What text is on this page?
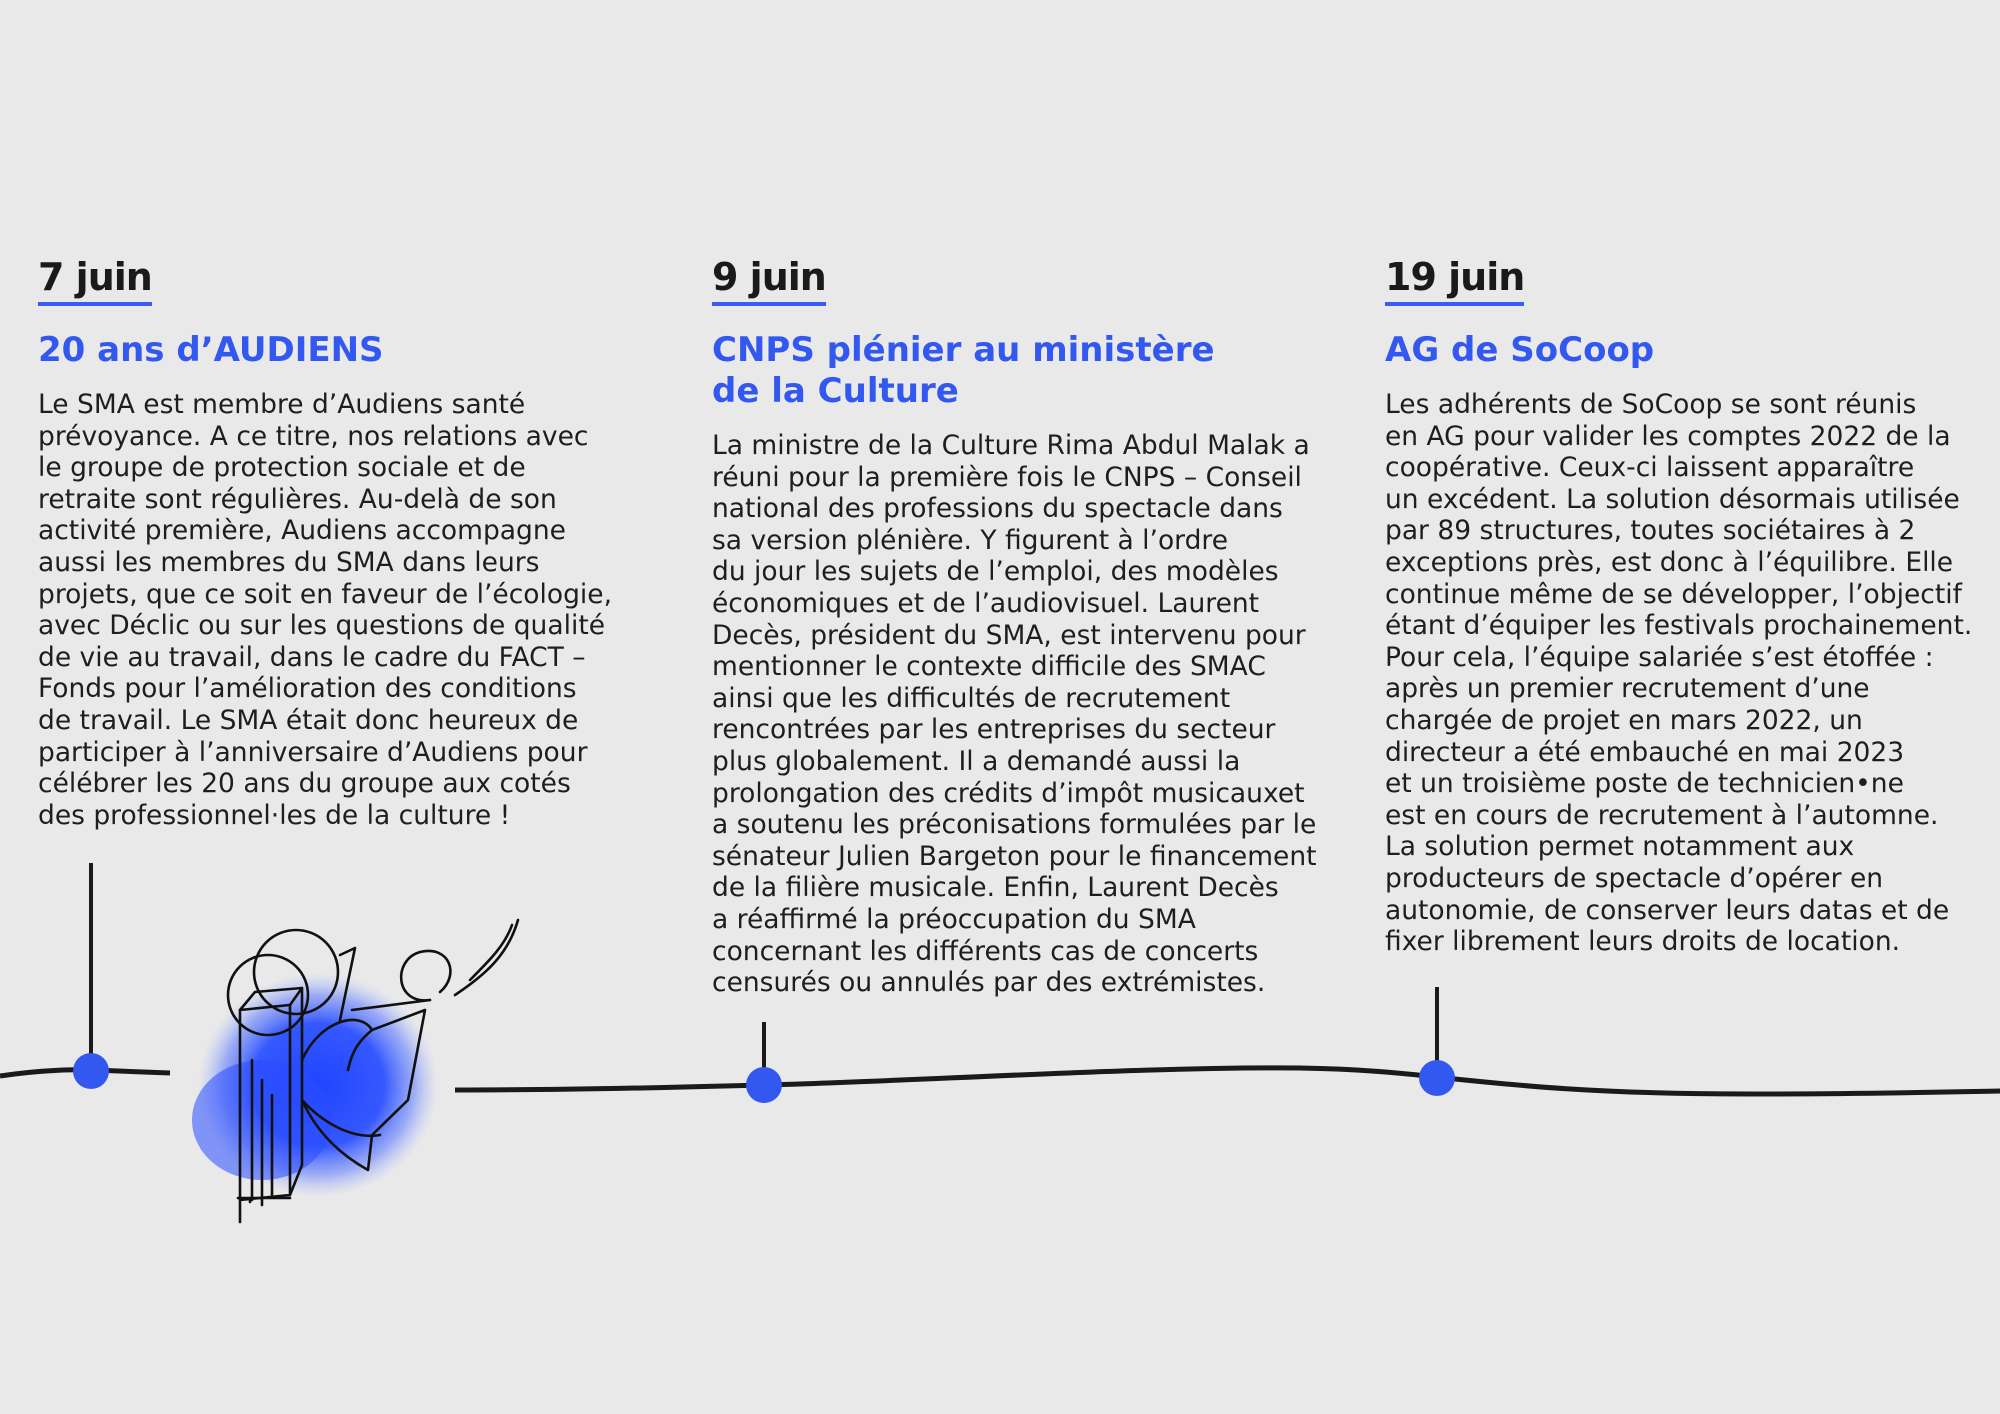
7 juin
20 ans d’AUDIENS
Le SMA est membre d’Audiens santé
prévoyance. A ce titre, nos relations avec
le groupe de protection sociale et de
retraite sont régulières. Au-delà de son
activité première, Audiens accompagne
aussi les membres du SMA dans leurs
projets, que ce soit en faveur de l’écologie,
avec Déclic ou sur les questions de qualité
de vie au travail, dans le cadre du FACT –
Fonds pour l’amélioration des conditions
de travail. Le SMA était donc heureux de
participer à l’anniversaire d’Audiens pour
célébrer les 20 ans du groupe aux cotés
des professionnel·les de la culture !
9 juin
CNPS plénier au ministère
de la Culture
La ministre de la Culture Rima Abdul Malak a
réuni pour la première fois le CNPS – Conseil
national des professions du spectacle dans
sa version plénière. Y figurent à l’ordre
du jour les sujets de l’emploi, des modèles
économiques et de l’audiovisuel. Laurent
Decès, président du SMA, est intervenu pour
mentionner le contexte difficile des SMAC
ainsi que les difficultés de recrutement
rencontrées par les entreprises du secteur
plus globalement. Il a demandé aussi la
prolongation des crédits d’impôt musicauxet
a soutenu les préconisations formulées par le
sénateur Julien Bargeton pour le financement
de la filière musicale. Enfin, Laurent Decès
a réaffirmé la préoccupation du SMA
concernant les différents cas de concerts
censurés ou annulés par des extrémistes.
19 juin
AG de SoCoop
Les adhérents de SoCoop se sont réunis
en AG pour valider les comptes 2022 de la
coopérative. Ceux-ci laissent apparaître
un excédent. La solution désormais utilisée
par 89 structures, toutes sociétaires à 2
exceptions près, est donc à l’équilibre. Elle
continue même de se développer, l’objectif
étant d’équiper les festivals prochainement.
Pour cela, l’équipe salariée s’est étoffée :
après un premier recrutement d’une
chargée de projet en mars 2022, un
directeur a été embauché en mai 2023
et un troisième poste de technicien•ne
est en cours de recrutement à l’automne.
La solution permet notamment aux
producteurs de spectacle d’opérer en
autonomie, de conserver leurs datas et de
fixer librement leurs droits de location.
